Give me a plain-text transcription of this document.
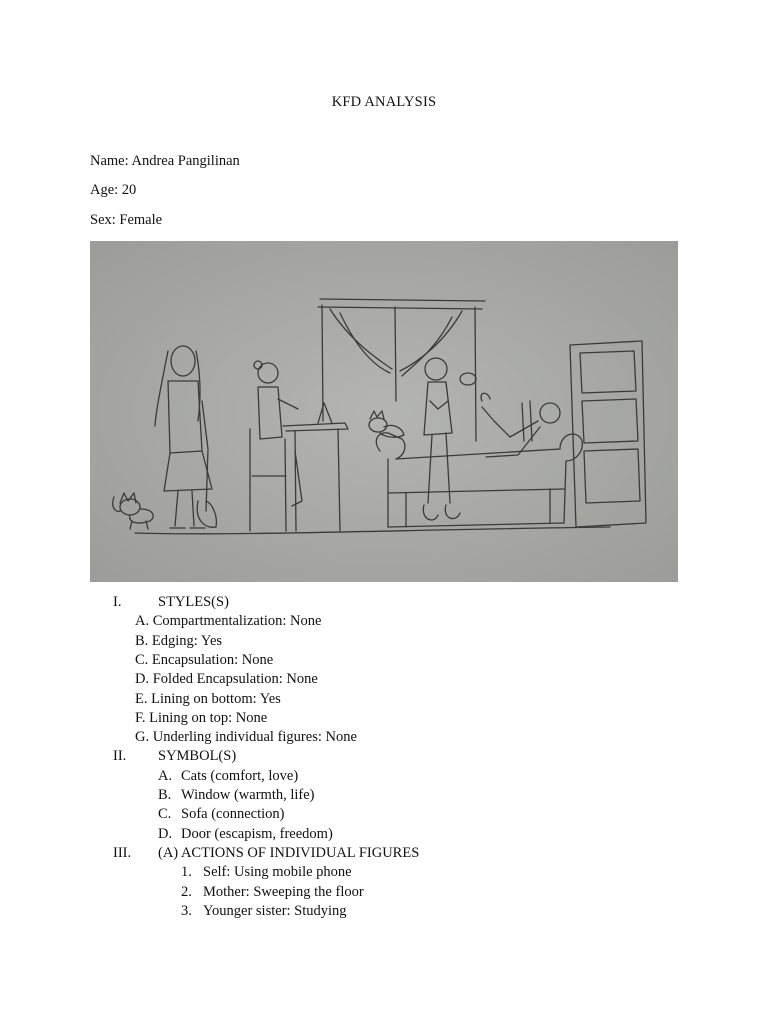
KFD ANALYSIS
Name: Andrea Pangilinan
Age: 20
Sex: Female
I.	STYLES(S)
A. Compartmentalization: None
B. Edging: Yes
C. Encapsulation: None
D. Folded Encapsulation: None
E. Lining on bottom: Yes
F. Lining on top: None
G. Underling individual figures: None
II. SYMBOL(S)
A. Cats (comfort, love)
B. Window (warmth, life)
C. Sofa (connection)
D. Door (escapism, freedom)
III. (A) ACTIONS OF INDIVIDUAL FIGURES
1. Self: Using mobile phone
2. Mother: Sweeping the floor
3. Younger sister: Studying
